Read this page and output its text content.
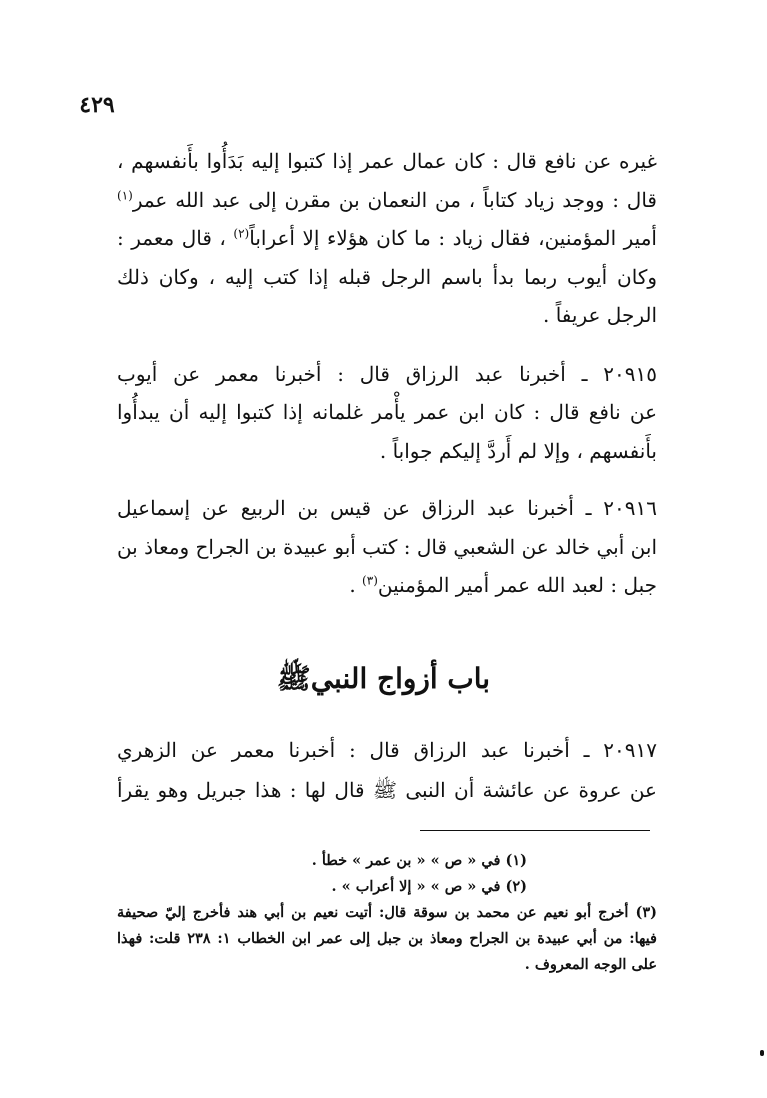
٤٢٩

غيره عن نافع قال : كان عمال عمر إذا كتبوا إليه بَدَأُوا بأَنفسهم ،
قال : ووجد زياد كتاباً ، من النعمان بن مقرن إلى عبد الله عمر$^{(١)}$
أمير المؤمنين، فقال زياد : ما كان هؤلاء إلا أعراباً$^{(٢)}$ ، قال معمر :
وكان أيوب ربما بدأ باسم الرجل قبله إذا كتب إليه ، وكان ذلك
الرجل عريفاً .

٢٠٩١٥ ـ أخبرنا عبد الرزاق قال : أخبرنا معمر عن أيوب
عن نافع قال : كان ابن عمر يأْمر غلمانه إذا كتبوا إليه أن يبدأُوا
بأَنفسهم ، وإلا لم أَردَّ إليكم جواباً .

٢٠٩١٦ ـ أخبرنا عبد الرزاق عن قيس بن الربيع عن إسماعيل
ابن أبي خالد عن الشعبي قال : كتب أبو عبيدة بن الجراح ومعاذ بن
جبل : لعبد الله عمر أمير المؤمنين$^{(٣)}$ .

باب أزواج النبيﷺ

٢٠٩١٧ ـ أخبرنا عبد الرزاق قال : أخبرنا معمر عن الزهري
عن عروة عن عائشة أن النبى ﷺ قال لها : هذا جبريل وهو يقرأ

(١) في « ص » « بن عمر » خطأ .
(٢) في « ص » « إلا أعراب » .
(٣) أخرج أبو نعيم عن محمد بن سوقة قال: أتيت نعيم بن أبي هند فأخرج إليّ صحيفة
فيها: من أبي عبيدة بن الجراح ومعاذ بن جبل إلى عمر ابن الخطاب ١: ٢٣٨ قلت: فهذا
على الوجه المعروف .
